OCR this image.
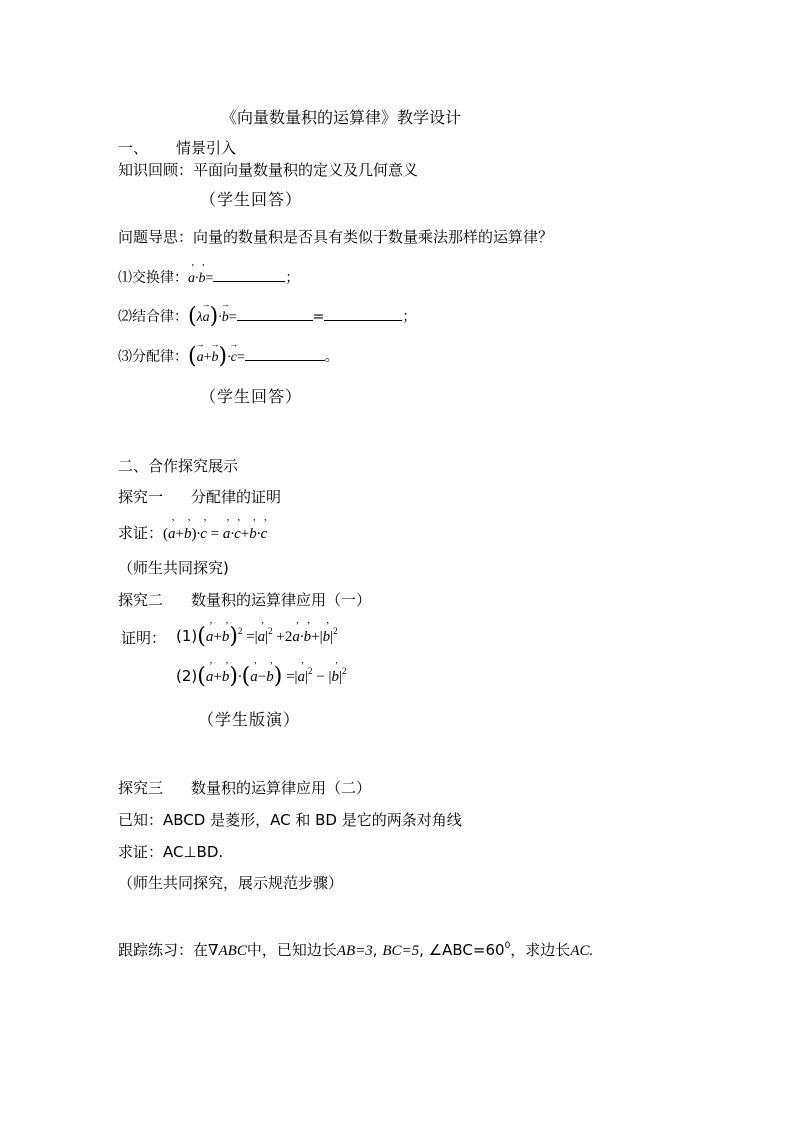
《向量数量积的运算律》教学设计
一、 情景引入
知识回顾：平面向量数量积的定义及几何意义
（学生回答）
问题导思：向量的数量积是否具有类似于数量乘法那样的运算律？
⑴交换律：’ a·’ b=	；
⑵结合律：(λ→ a)·→ b=	=	；
⑶分配律：(→ a+→ b)·→ c=	。
（学生回答）
二、合作探究展示
探究一 分配律的证明
求证：(’ a+’ b)·’ c = ’ a·’ c+’ b·’ c
（师生共同探究)
探究二 数量积的运算律应用（一）
证明： (1)(’ a+’ b)$^2$ =|’ $a|^2 +2$’ a·’ b+|’ $b|^2$
(2)(’ a+’ b)·(’ a−’ b) =|’ $a|^2$ − |’ $b|^2$
（学生版演）
探究三 数量积的运算律应用（二）
已知：ABCD 是菱形，AC 和 BD 是它的两条对角线
求证：AC⊥BD.
（师生共同探究，展示规范步骤）
跟踪练习：在∇ABC中，已知边长AB=3, BC=5, $\angle ABC=60^0$，求边长AC.
